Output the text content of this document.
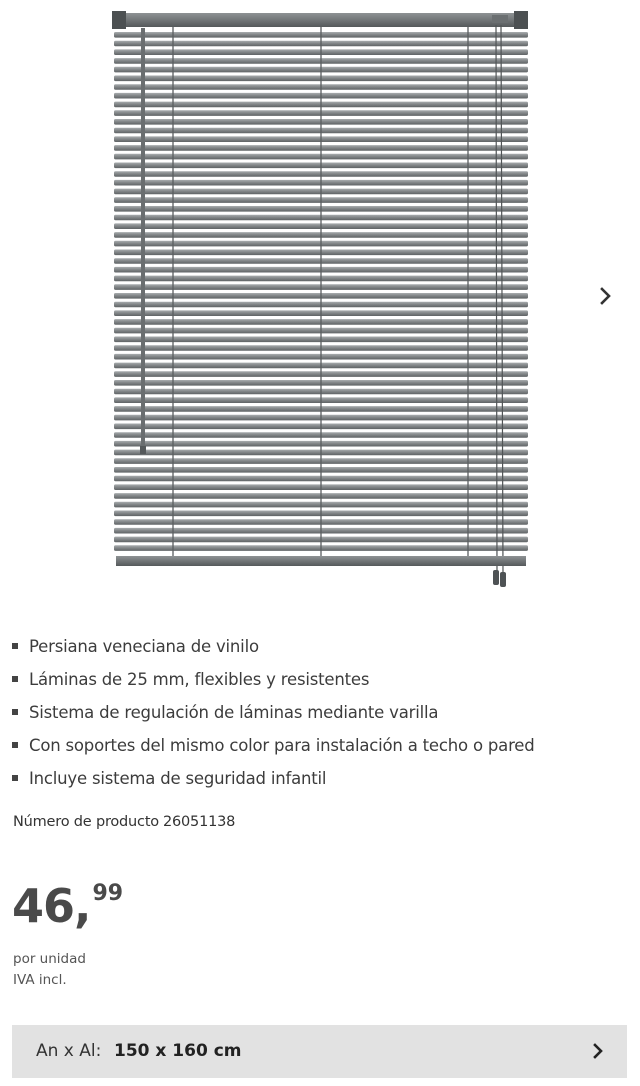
Persiana veneciana de vinilo
Láminas de 25 mm, flexibles y resistentes
Sistema de regulación de láminas mediante varilla
Con soportes del mismo color para instalación a techo o pared
Incluye sistema de seguridad infantil
Número de producto 26051138
46 , 99
por unidad
IVA incl.
An x Al: 150 x 160 cm
